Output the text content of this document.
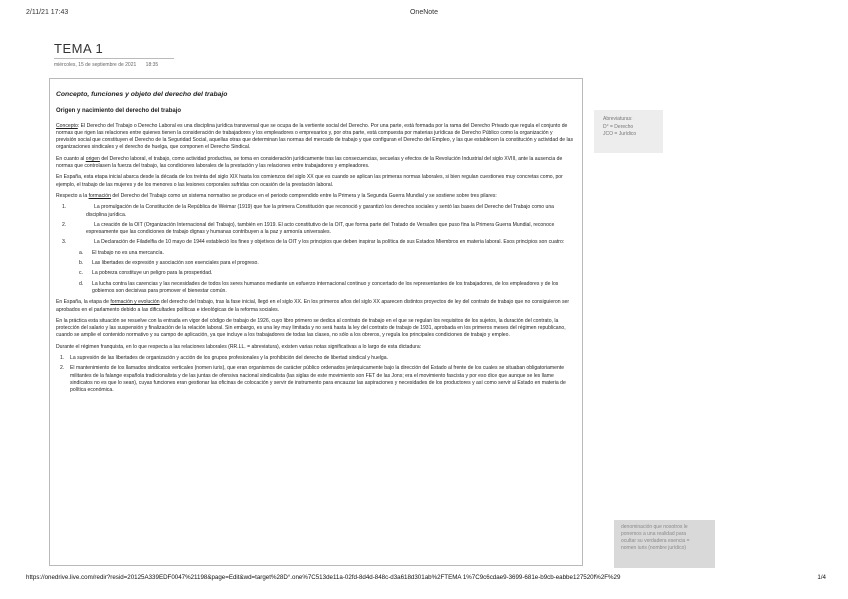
2/11/21 17:43	OneNote
TEMA 1
miércoles, 15 de septiembre de 2021 18:35
Concepto, funciones y objeto del derecho del trabajo
Origen y nacimiento del derecho del trabajo
Concepto: El Derecho del Trabajo o Derecho Laboral es una disciplina jurídica transversal que se ocupa de la vertiente social del Derecho. Por una parte, está formada por la rama del Derecho Privado que regula el conjunto de normas que rigen las relaciones entre quienes tienen la consideración de trabajadores y los empleadores o empresarios y, por otra parte, está compuesta por materias jurídicas de Derecho Público como la organización y previsión social que constituyen el Derecho de la Seguridad Social, aquellas otras que determinan las normas del mercado de trabajo y que configuran el Derecho del Empleo, y las que establecen la constitución y actividad de las organizaciones sindicales y el derecho de huelga, que componen el Derecho Sindical.
En cuanto al origen del Derecho laboral, el trabajo, como actividad productiva, se toma en consideración jurídicamente tras las consecuencias, secuelas y efectos de la Revolución Industrial del siglo XVIII, ante la ausencia de normas que controlasen la fuerza del trabajo, las condiciones laborales de la prestación y las relaciones entre trabajadores y empleadores.
En España, esta etapa inicial abarca desde la década de los treinta del siglo XIX hasta los comienzos del siglo XX que es cuando se aplican las primeras normas laborales, si bien regulan cuestiones muy concretas como, por ejemplo, el trabajo de las mujeres y de los menores o las lesiones corporales sufridas con ocasión de la prestación laboral.
Respecto a la formación del Derecho del Trabajo como un sistema normativo se produce en el periodo comprendido entre la Primera y la Segunda Guerra Mundial y se sostiene sobre tres pilares:
1.	La promulgación de la Constitución de la República de Weimar (1919) que fue la primera Constitución que reconoció y garantizó los derechos sociales y sentó las bases del Derecho del Trabajo como una disciplina jurídica.
2.	La creación de la OIT (Organización Internacional del Trabajo), también en 1919. El acto constitutivo de la OIT, que forma parte del Tratado de Versalles que puso fina la Primera Guerra Mundial, reconoce expresamente que las condiciones de trabajo dignas y humanas contribuyen a la paz y armonía universales.
3.	La Declaración de Filadelfia de 10 mayo de 1944 estableció los fines y objetivos de la OIT y los principios que deben inspirar la política de sus Estados Miembros en materia laboral. Esos principios son cuatro:
a. El trabajo no es una mercancía.
b. Las libertades de expresión y asociación son esenciales para el progreso.
c. La pobreza constituye un peligro para la prosperidad.
d. La lucha contra las carencias y las necesidades de todos los seres humanos mediante un esfuerzo internacional continuo y concertado de los representantes de los trabajadores, de los empleadores y de los gobiernos son decisivas para promover el bienestar común.
En España, la etapa de formación y evolución del derecho del trabajo, tras la fase inicial, llegó en el siglo XX. En los primeros años del siglo XX aparecen distintos proyectos de ley del contrato de trabajo que no consiguieron ser aprobados en el parlamento debido a las dificultades políticas e ideológicas de la reforma sociales.
En la práctica esta situación se resuelve con la entrada en vigor del código de trabajo de 1926, cuyo libro primero se dedica al contrato de trabajo en el que se regulan los requisitos de los sujetos, la duración del contrato, la protección del salario y las suspensión y finalización de la relación laboral. Sin embargo, es una ley muy limitada y no será hasta la ley del contrato de trabajo de 1931, aprobada en los primeros meses del régimen republicano, cuando se amplie el contenido normativo y su campo de aplicación, ya que incluye a los trabajadores de todas las clases, no sólo a los obreros, y regula los principales condiciones de trabajo y empleo.
Durante el régimen franquista, en lo que respecta a las relaciones laborales (RR.LL. = abreviatura), existen varias notas significativas a lo largo de esta dictadura:
1. La supresión de las libertades de organización y acción de los grupos profesionales y la prohibición del derecho de libertad sindical y huelga.
2. El mantenimiento de los llamados sindicatos verticales (nomen iuris), que eran organismos de carácter público ordenados jerárquicamente bajo la dirección del Estado al frente de los cuales se situaban obligatoriamente militantes de la falange española tradicionalista y de las juntas de ofensiva nacional sindicalista (las siglas de este movimiento son FET de las Jons; era el movimiento fascista y por eso dice que aunque se les llame sindicatos no es que lo sean), cuyas funciones eran gestionar las oficinas de colocación y servir de instrumento para encauzar las aspiraciones y necesidades de los productores y así como servir al Estado en materia de política económica.
Abreviaturas:
D° = Derecho
JCO = Jurídico
denominación que nosotros le
ponemos a una realidad para
ocultar su verdadera esencia =
nomen iuris (nombre jurídico)
https://onedrive.live.com/redir?resid=20125A339EDF0047%21198&page=Edit&wd=target%28D°.one%7C513de11a-02fd-8d4d-848c-d3a618d301ab%2FTEMA 1%7C9c6cdae9-3699-681e-b9cb-eabbe127520f%2F%29	1/4
